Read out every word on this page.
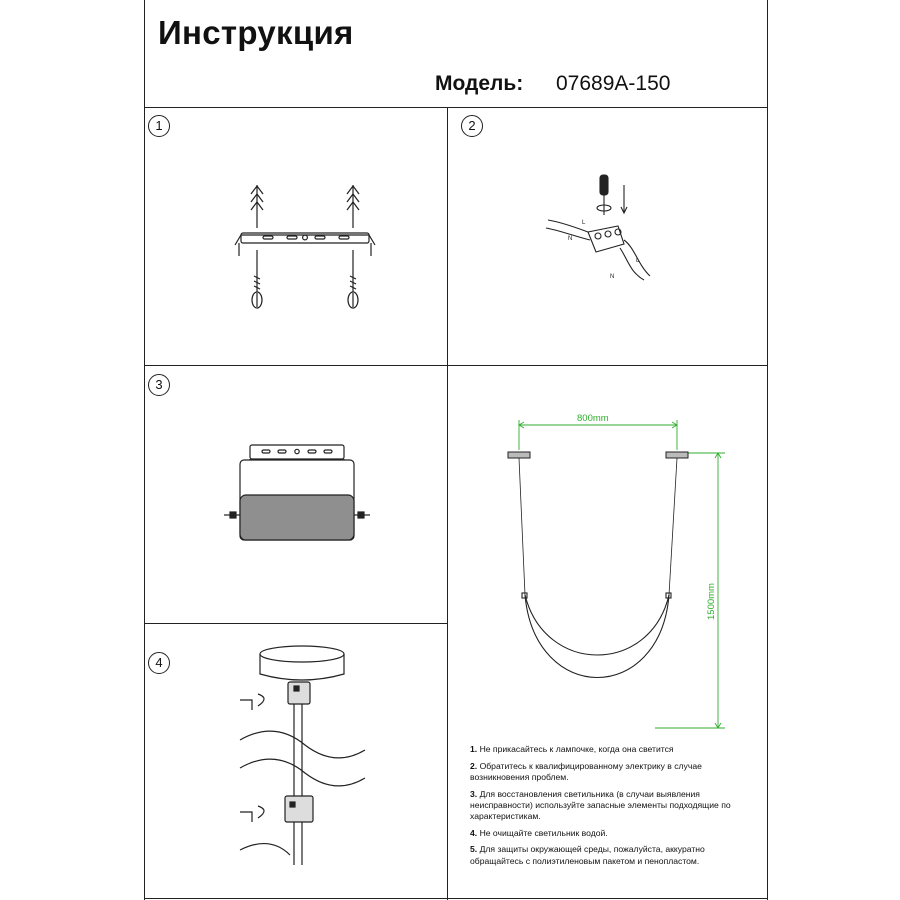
Инструкция
Модель: 07689A-150
1	2
3
4
L
N
L
N
800mm
1500mm
1. Не прикасайтесь к лампочке, когда она светится
2. Обратитесь к квалифицированному электрику в случае возникновения проблем.
3. Для восстановления светильника (в случаи выявления неисправности) используйте запасные элементы подходящие по характеристикам.
4. Не очищайте светильник водой.
5. Для защиты окружающей среды, пожалуйста, аккуратно обращайтесь с полиэтиленовым пакетом и пенопластом.
